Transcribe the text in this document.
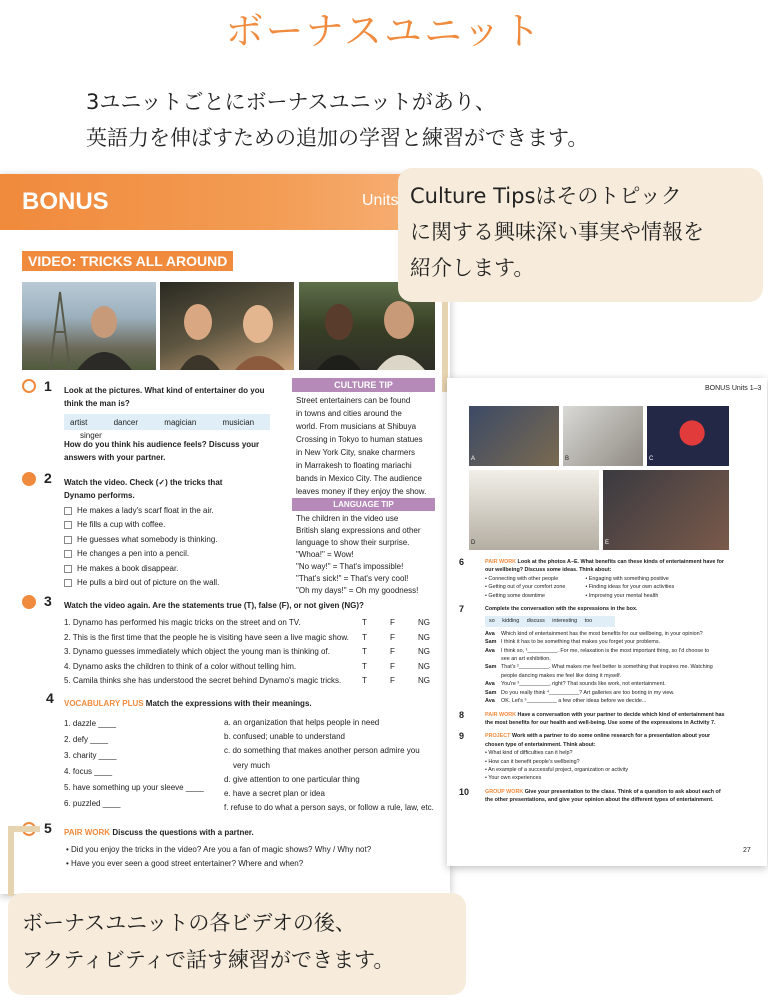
ボーナスユニット
3ユニットごとにボーナスユニットがあり、
英語力を伸ばすための追加の学習と練習ができます。
BONUS	Units
VIDEO: TRICKS ALL AROUND
1 Look at the pictures. What kind of entertainer do you
think the man is?
artist	dancer	magician	musician singer
How do you think his audience feels? Discuss your
answers with your partner.
CULTURE TIP
Street entertainers can be found
in towns and cities around the
world. From musicians at Shibuya
Crossing in Tokyo to human statues
in New York City, snake charmers
in Marrakesh to floating mariachi
bands in Mexico City. The audience
leaves money if they enjoy the show.
2 Watch the video. Check (✓) the tricks that
Dynamo performs.
He makes a lady's scarf float in the air.
He fills a cup with coffee.
He guesses what somebody is thinking.
He changes a pen into a pencil.
He makes a book disappear.
He pulls a bird out of picture on the wall.
LANGUAGE TIP
The children in the video use
British slang expressions and other
language to show their surprise.
"Whoa!" = Wow!
"No way!" = That's impossible!
"That's sick!" = That's very cool!
"Oh my days!" = Oh my goodness!
3 Watch the video again. Are the statements true (T), false (F), or not given (NG)?
1. Dynamo has performed his magic tricks on the street and on TV.	T	F	NG
2. This is the first time that the people he is visiting have seen a live magic show.	T	F	NG
3. Dynamo guesses immediately which object the young man is thinking of.	T	F	NG
4. Dynamo asks the children to think of a color without telling him.	T	F	NG
5. Camila thinks she has understood the secret behind Dynamo's magic tricks.	T	F	NG
4 VOCABULARY PLUS Match the expressions with their meanings.
1. dazzle ____
2. defy ____
3. charity ____
4. focus ____
5. have something up your sleeve ____
6. puzzled ____
a. an organization that helps people in need
b. confused; unable to understand
c. do something that makes another person admire you
very much
d. give attention to one particular thing
e. have a secret plan or idea
f. refuse to do what a person says, or follow a rule, law, etc.
5 PAIR WORK Discuss the questions with a partner.
• Did you enjoy the tricks in the video? Are you a fan of magic shows? Why / Why not?
• Have you ever seen a good street entertainer? Where and when?
BONUS Units 1–3
A	B	C
D	E
6	PAIR WORK Look at the photos A–E. What benefits can these kinds of entertainment have for
our wellbeing? Discuss some ideas. Think about:
• Connecting with other people
• Getting out of your comfort zone
• Getting some downtime
• Engaging with something positive
• Finding ideas for your own activities
• Improving your mental health
7	Complete the conversation with the expressions in the box.
so kidding discuss interesting too
Ava	Which kind of entertainment has the most benefits for our wellbeing, in your opinion?
Sam I think it has to be something that makes you forget your problems.
Ava	I think so, ¹__________. For me, relaxation is the most important thing, so I'd choose to
see an art exhibition.
Sam That's ²__________. What makes me feel better is something that inspires me. Watching
people dancing makes me feel like doing it myself.
Ava	You're ³__________, right? That sounds like work, not entertainment.
Sam Do you really think ⁴__________? Art galleries are too boring in my view.
Ava	OK. Let's ⁵__________ a few other ideas before we decide...
8	PAIR WORK Have a conversation with your partner to decide which kind of entertainment has
the most benefits for our health and well-being. Use some of the expressions in Activity 7.
9	PROJECT Work with a partner to do some online research for a presentation about your
chosen type of entertainment. Think about:
• What kind of difficulties can it help?
• How can it benefit people's wellbeing?
• An example of a successful project, organization or activity
• Your own experiences
10	GROUP WORK Give your presentation to the class. Think of a question to ask about each of
the other presentations, and give your opinion about the different types of entertainment.
27
Culture Tipsはそのトピック
に関する興味深い事実や情報を
紹介します。
ボーナスユニットの各ビデオの後、
アクティビティで話す練習ができます。
